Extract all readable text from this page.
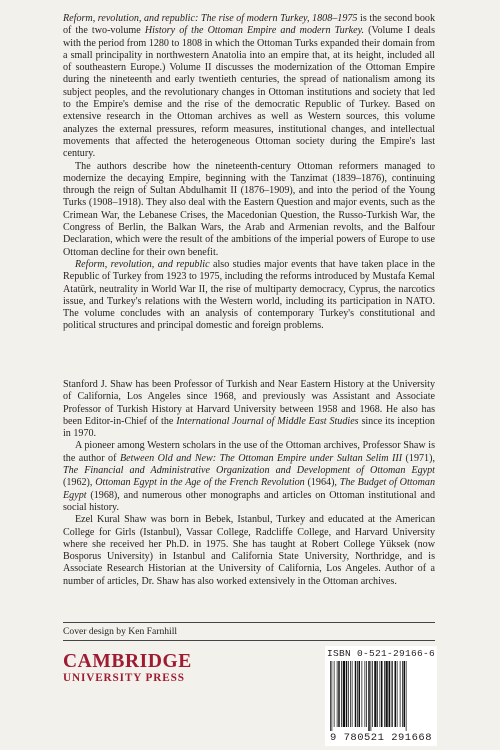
Reform, revolution, and republic: The rise of modern Turkey, 1808–1975 is the second book of the two-volume History of the Ottoman Empire and modern Turkey. (Volume I deals with the period from 1280 to 1808 in which the Ottoman Turks expanded their domain from a small principality in northwestern Anatolia into an empire that, at its height, included all of southeastern Europe.) Volume II discusses the modernization of the Ottoman Empire during the nineteenth and early twentieth centuries, the spread of nationalism among its subject peoples, and the revolutionary changes in Ottoman institutions and society that led to the Empire's demise and the rise of the democratic Republic of Turkey. Based on extensive research in the Ottoman archives as well as Western sources, this volume analyzes the external pressures, reform measures, institutional changes, and intellectual movements that affected the heterogeneous Ottoman society during the Empire's last century.

The authors describe how the nineteenth-century Ottoman reformers managed to modernize the decaying Empire, beginning with the Tanzimat (1839–1876), continuing through the reign of Sultan Abdulhamit II (1876–1909), and into the period of the Young Turks (1908–1918). They also deal with the Eastern Question and major events, such as the Crimean War, the Lebanese Crises, the Macedonian Question, the Russo-Turkish War, the Congress of Berlin, the Balkan Wars, the Arab and Armenian revolts, and the Balfour Declaration, which were the result of the ambitions of the imperial powers of Europe to use Ottoman decline for their own benefit.

Reform, revolution, and republic also studies major events that have taken place in the Republic of Turkey from 1923 to 1975, including the reforms introduced by Mustafa Kemal Atatürk, neutrality in World War II, the rise of multiparty democracy, Cyprus, the narcotics issue, and Turkey's relations with the Western world, including its participation in NATO. The volume concludes with an analysis of contemporary Turkey's constitutional and political structures and principal domestic and foreign problems.

Stanford J. Shaw has been Professor of Turkish and Near Eastern History at the University of California, Los Angeles since 1968, and previously was Assistant and Associate Professor of Turkish History at Harvard University between 1958 and 1968. He also has been Editor-in-Chief of the International Journal of Middle East Studies since its inception in 1970.

A pioneer among Western scholars in the use of the Ottoman archives, Professor Shaw is the author of Between Old and New: The Ottoman Empire under Sultan Selim III (1971), The Financial and Administrative Organization and Development of Ottoman Egypt (1962), Ottoman Egypt in the Age of the French Revolution (1964), The Budget of Ottoman Egypt (1968), and numerous other monographs and articles on Ottoman institutional and social history.

Ezel Kural Shaw was born in Bebek, Istanbul, Turkey and educated at the American College for Girls (Istanbul), Vassar College, Radcliffe College, and Harvard University where she received her Ph.D. in 1975. She has taught at Robert College Yüksek (now Bosporus University) in Istanbul and California State University, Northridge, and is Associate Research Historian at the University of California, Los Angeles. Author of a number of articles, Dr. Shaw has also worked extensively in the Ottoman archives.

Cover design by Ken Farnhill
CAMBRIDGE
UNIVERSITY PRESS
ISBN 0-521-29166-6
9 780521 291668
